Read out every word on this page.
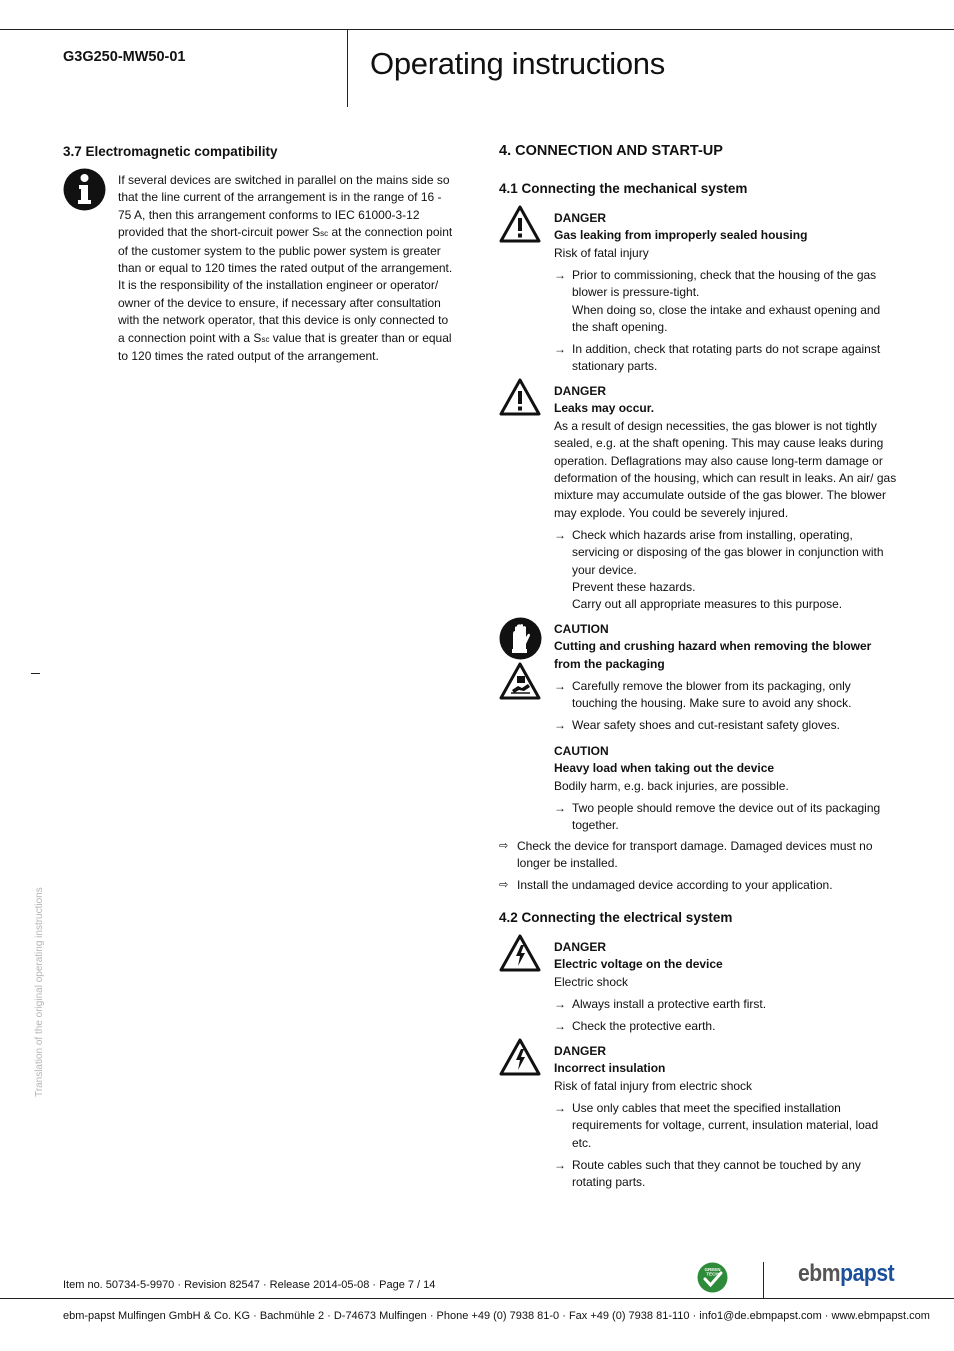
G3G250-MW50-01	Operating instructions
3.7 Electromagnetic compatibility
If several devices are switched in parallel on the mains side so that the line current of the arrangement is in the range of 16 - 75 A, then this arrangement conforms to IEC 61000-3-12 provided that the short-circuit power Ssc at the connection point of the customer system to the public power system is greater than or equal to 120 times the rated output of the arrangement.
It is the responsibility of the installation engineer or operator/ owner of the device to ensure, if necessary after consultation with the network operator, that this device is only connected to a connection point with a Ssc value that is greater than or equal to 120 times the rated output of the arrangement.
Translation of the original operating instructions
4. CONNECTION AND START-UP
4.1 Connecting the mechanical system
DANGER
Gas leaking from improperly sealed housing
Risk of fatal injury
→ Prior to commissioning, check that the housing of the gas blower is pressure-tight.
When doing so, close the intake and exhaust opening and the shaft opening.
→ In addition, check that rotating parts do not scrape against stationary parts.
DANGER
Leaks may occur.
As a result of design necessities, the gas blower is not tightly sealed, e.g. at the shaft opening. This may cause leaks during operation. Deflagrations may also cause long-term damage or deformation of the housing, which can result in leaks. An air/ gas mixture may accumulate outside of the gas blower. The blower may explode. You could be severely injured.
→ Check which hazards arise from installing, operating, servicing or disposing of the gas blower in conjunction with your device.
Prevent these hazards.
Carry out all appropriate measures to this purpose.
CAUTION
Cutting and crushing hazard when removing the blower from the packaging
→ Carefully remove the blower from its packaging, only touching the housing. Make sure to avoid any shock.
→ Wear safety shoes and cut-resistant safety gloves.
CAUTION
Heavy load when taking out the device
Bodily harm, e.g. back injuries, are possible.
→ Two people should remove the device out of its packaging together.
⇨ Check the device for transport damage. Damaged devices must no longer be installed.
⇨ Install the undamaged device according to your application.
4.2 Connecting the electrical system
DANGER
Electric voltage on the device
Electric shock
→ Always install a protective earth first.
→ Check the protective earth.
DANGER
Incorrect insulation
Risk of fatal injury from electric shock
→ Use only cables that meet the specified installation requirements for voltage, current, insulation material, load etc.
→ Route cables such that they cannot be touched by any rotating parts.
Item no. 50734-5-9970 · Revision 82547 · Release 2014-05-08 · Page 7 / 14
GREEN
TECH	ebmpapst
ebm-papst Mulfingen GmbH & Co. KG · Bachmühle 2 · D-74673 Mulfingen · Phone +49 (0) 7938 81-0 · Fax +49 (0) 7938 81-110 · info1@de.ebmpapst.com · www.ebmpapst.com
